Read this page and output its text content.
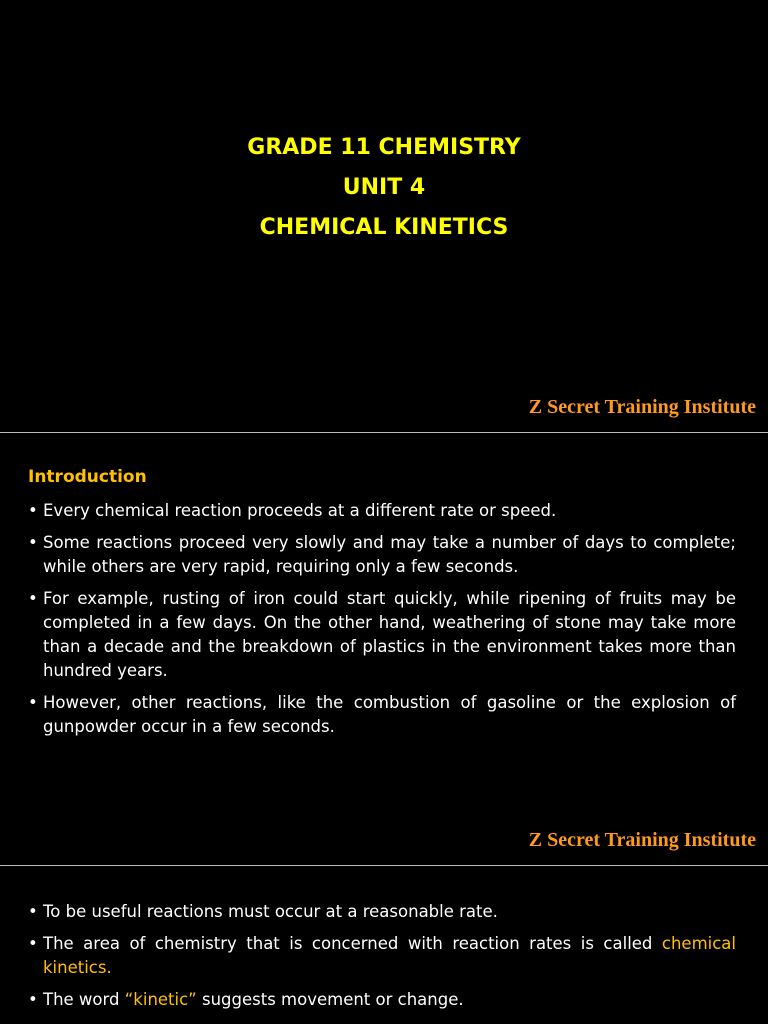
GRADE 11 CHEMISTRY
UNIT 4
CHEMICAL KINETICS
Z Secret Training Institute
Introduction
• Every chemical reaction proceeds at a different rate or speed.
• Some reactions proceed very slowly and may take a number of days to complete; while others are very rapid, requiring only a few seconds.
• For example, rusting of iron could start quickly, while ripening of fruits may be completed in a few days. On the other hand, weathering of stone may take more than a decade and the breakdown of plastics in the environment takes more than hundred years.
• However, other reactions, like the combustion of gasoline or the explosion of gunpowder occur in a few seconds.
Z Secret Training Institute
• To be useful reactions must occur at a reasonable rate.
• The area of chemistry that is concerned with reaction rates is called chemical kinetics.
• The word “kinetic” suggests movement or change.
